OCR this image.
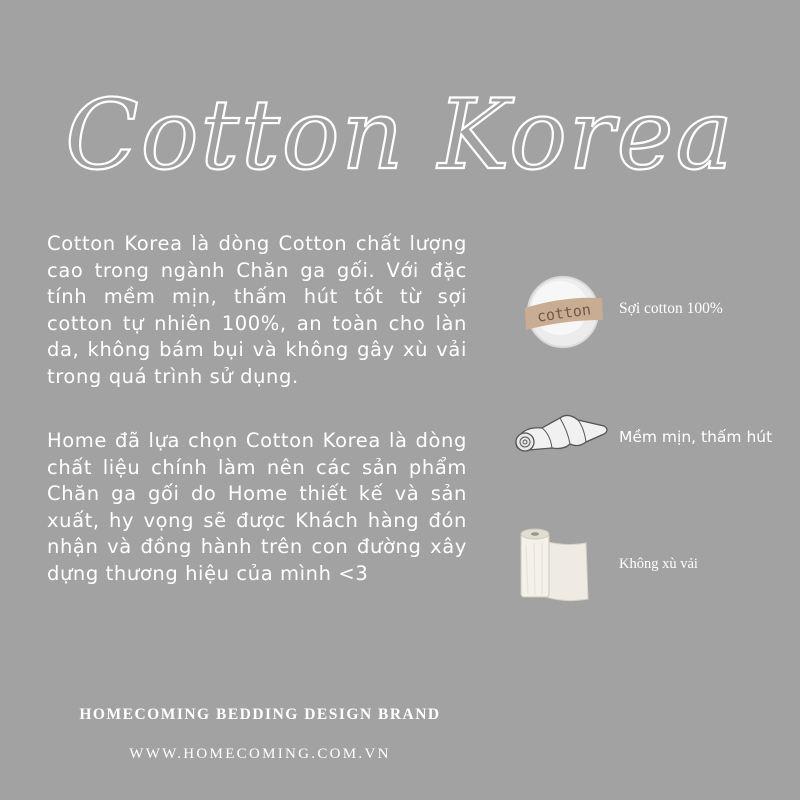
Cotton Korea

Cotton Korea là dòng Cotton chất lượng cao trong ngành Chăn ga gối. Với đặc tính mềm mịn, thấm hút tốt từ sợi cotton tự nhiên 100%, an toàn cho làn da, không bám bụi và không gây xù vải trong quá trình sử dụng.

Home đã lựa chọn Cotton Korea là dòng chất liệu chính làm nên các sản phẩm Chăn ga gối do Home thiết kế và sản xuất, hy vọng sẽ được Khách hàng đón nhận và đồng hành trên con đường xây dựng thương hiệu của mình <3

cotton Sợi cotton 100%
Mềm mịn, thấm hút
Không xù vải
HOMECOMING BEDDING DESIGN BRAND
WWW.HOMECOMING.COM.VN
